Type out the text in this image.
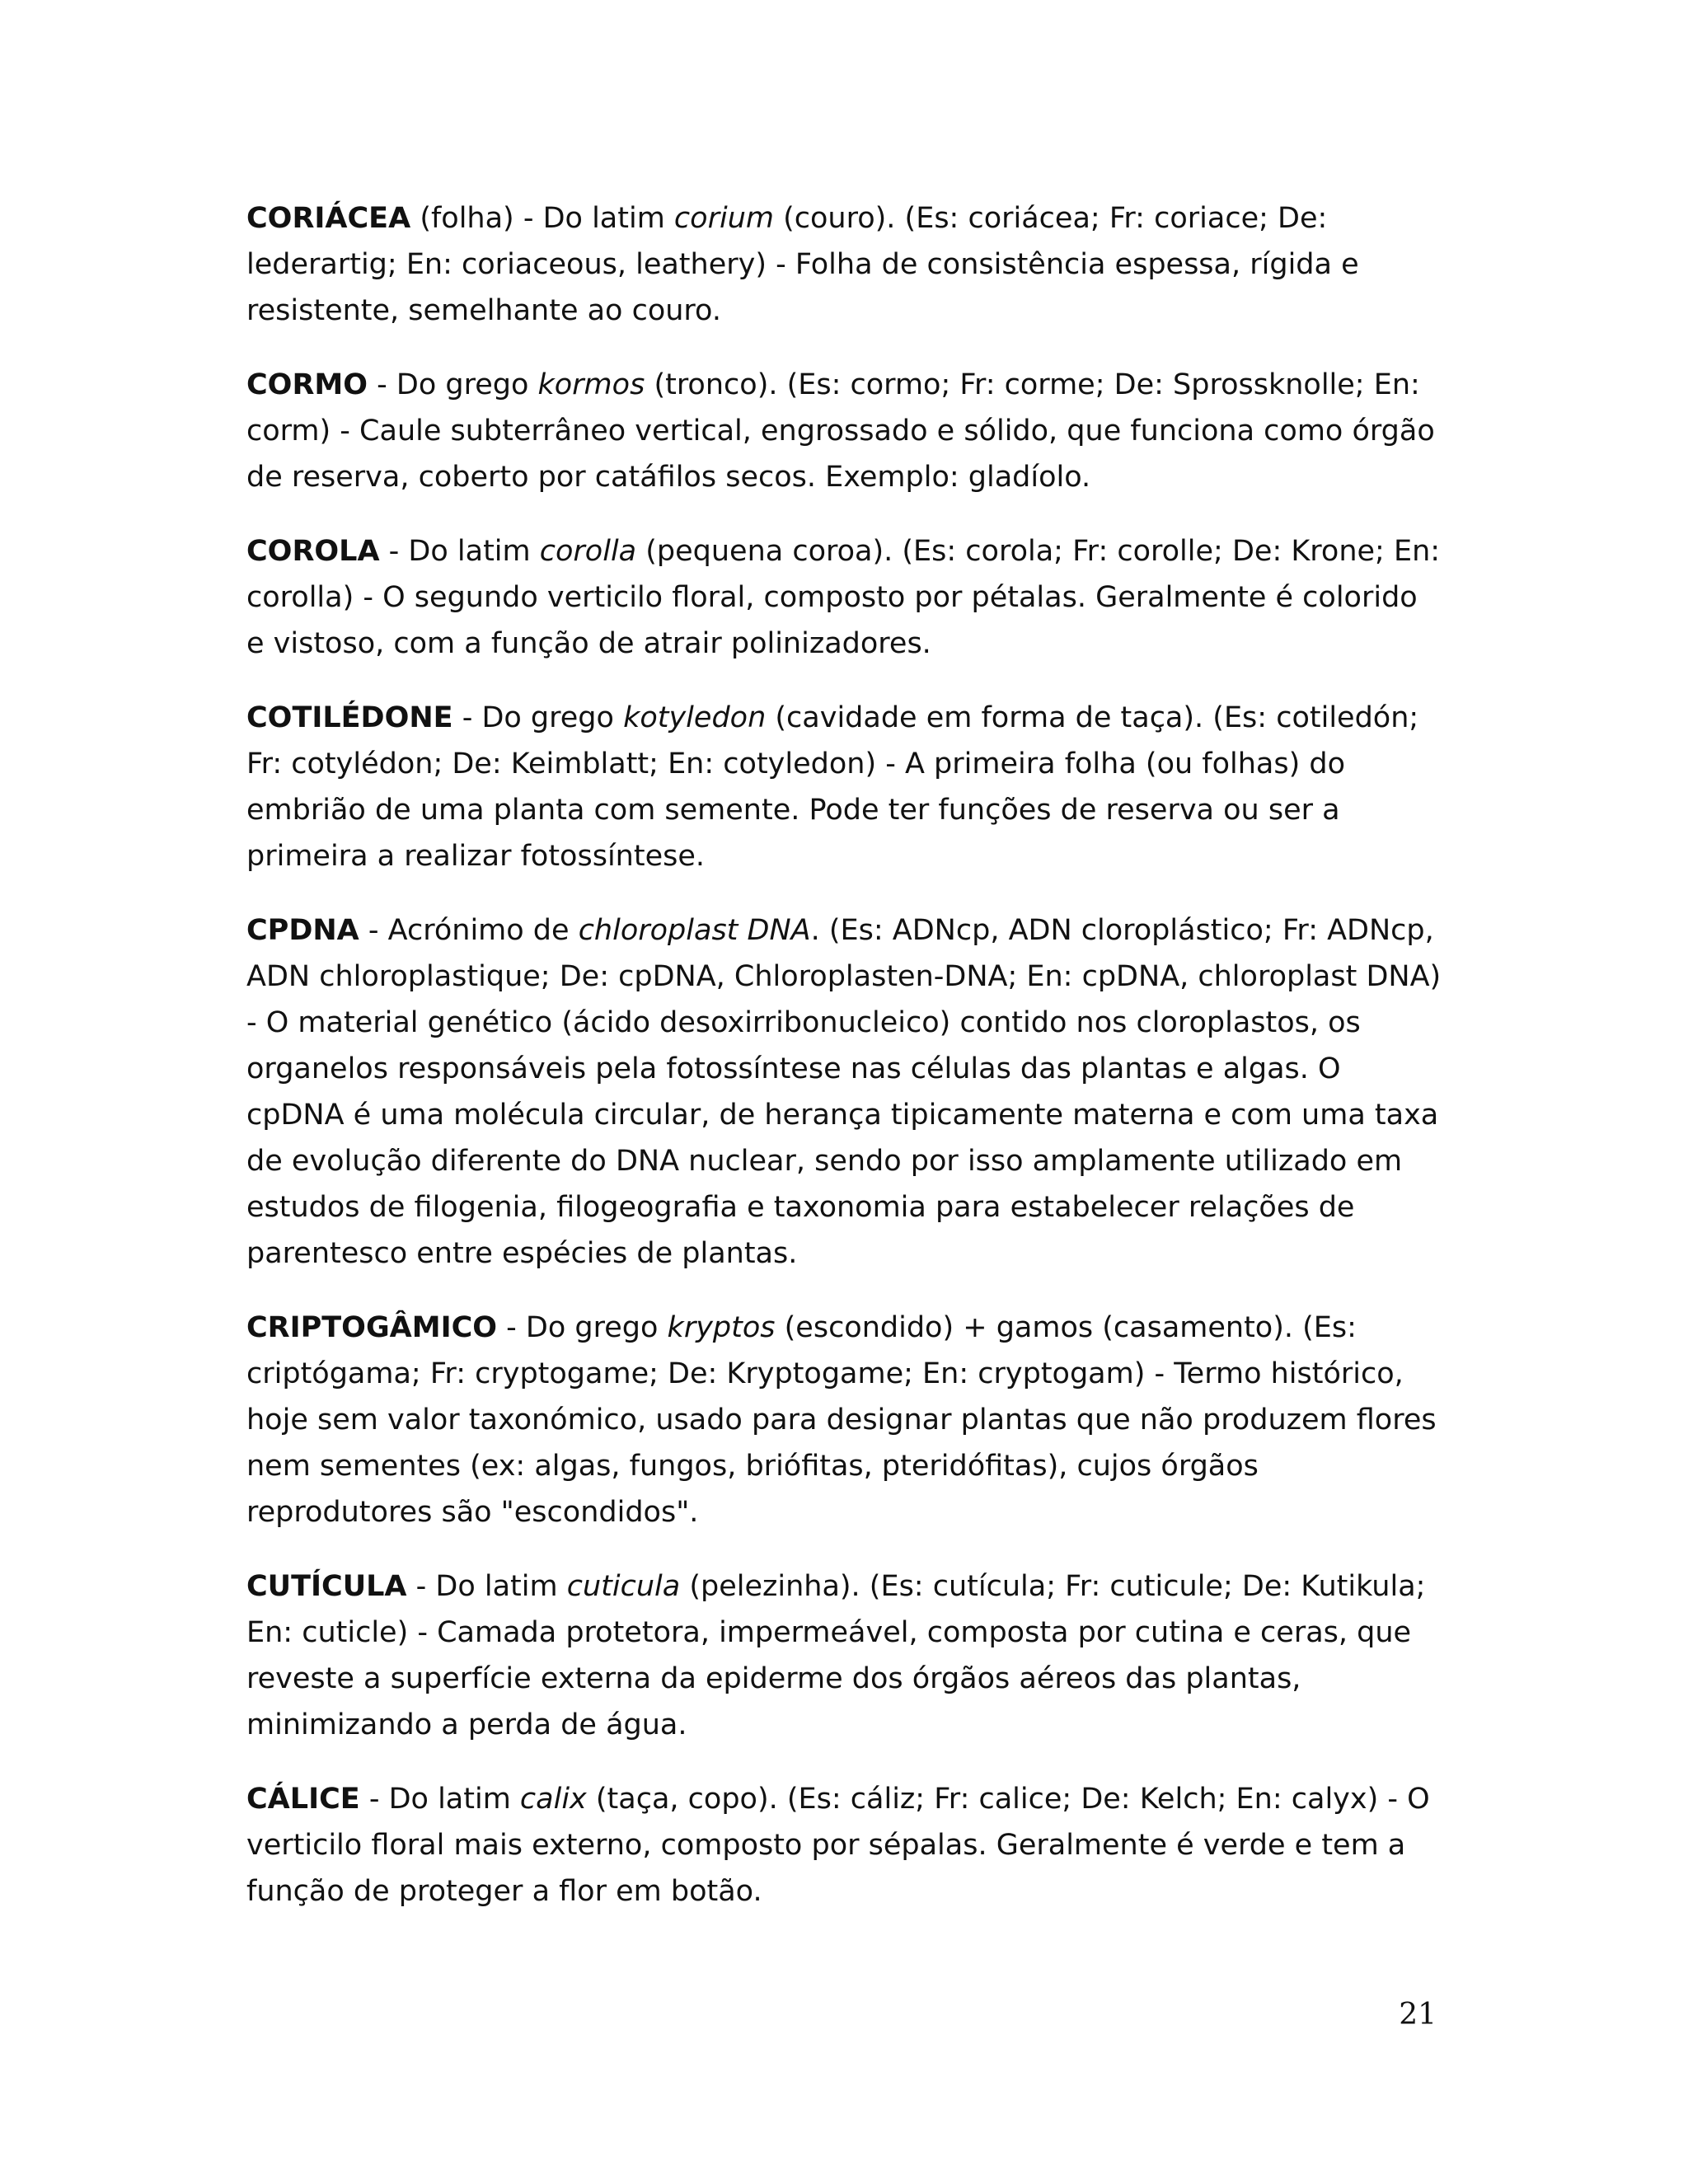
CORIÁCEA (folha) - Do latim corium (couro). (Es: coriácea; Fr: coriace; De: lederartig; En: coriaceous, leathery) - Folha de consistência espessa, rígida e resistente, semelhante ao couro.

CORMO - Do grego kormos (tronco). (Es: cormo; Fr: corme; De: Sprossknolle; En: corm) - Caule subterrâneo vertical, engrossado e sólido, que funciona como órgão de reserva, coberto por catáfilos secos. Exemplo: gladíolo.

COROLA - Do latim corolla (pequena coroa). (Es: corola; Fr: corolle; De: Krone; En: corolla) - O segundo verticilo floral, composto por pétalas. Geralmente é colorido e vistoso, com a função de atrair polinizadores.

COTILÉDONE - Do grego kotyledon (cavidade em forma de taça). (Es: cotiledón; Fr: cotylédon; De: Keimblatt; En: cotyledon) - A primeira folha (ou folhas) do embrião de uma planta com semente. Pode ter funções de reserva ou ser a primeira a realizar fotossíntese.

CPDNA - Acrónimo de chloroplast DNA. (Es: ADNcp, ADN cloroplástico; Fr: ADNcp, ADN chloroplastique; De: cpDNA, Chloroplasten-DNA; En: cpDNA, chloroplast DNA) - O material genético (ácido desoxirribonucleico) contido nos cloroplastos, os organelos responsáveis pela fotossíntese nas células das plantas e algas. O cpDNA é uma molécula circular, de herança tipicamente materna e com uma taxa de evolução diferente do DNA nuclear, sendo por isso amplamente utilizado em estudos de filogenia, filogeografia e taxonomia para estabelecer relações de parentesco entre espécies de plantas.

CRIPTOGÂMICO - Do grego kryptos (escondido) + gamos (casamento). (Es: criptógama; Fr: cryptogame; De: Kryptogame; En: cryptogam) - Termo histórico, hoje sem valor taxonómico, usado para designar plantas que não produzem flores nem sementes (ex: algas, fungos, briófitas, pteridófitas), cujos órgãos reprodutores são "escondidos".

CUTÍCULA - Do latim cuticula (pelezinha). (Es: cutícula; Fr: cuticule; De: Kutikula; En: cuticle) - Camada protetora, impermeável, composta por cutina e ceras, que reveste a superfície externa da epiderme dos órgãos aéreos das plantas, minimizando a perda de água.

CÁLICE - Do latim calix (taça, copo). (Es: cáliz; Fr: calice; De: Kelch; En: calyx) - O verticilo floral mais externo, composto por sépalas. Geralmente é verde e tem a função de proteger a flor em botão.

21
